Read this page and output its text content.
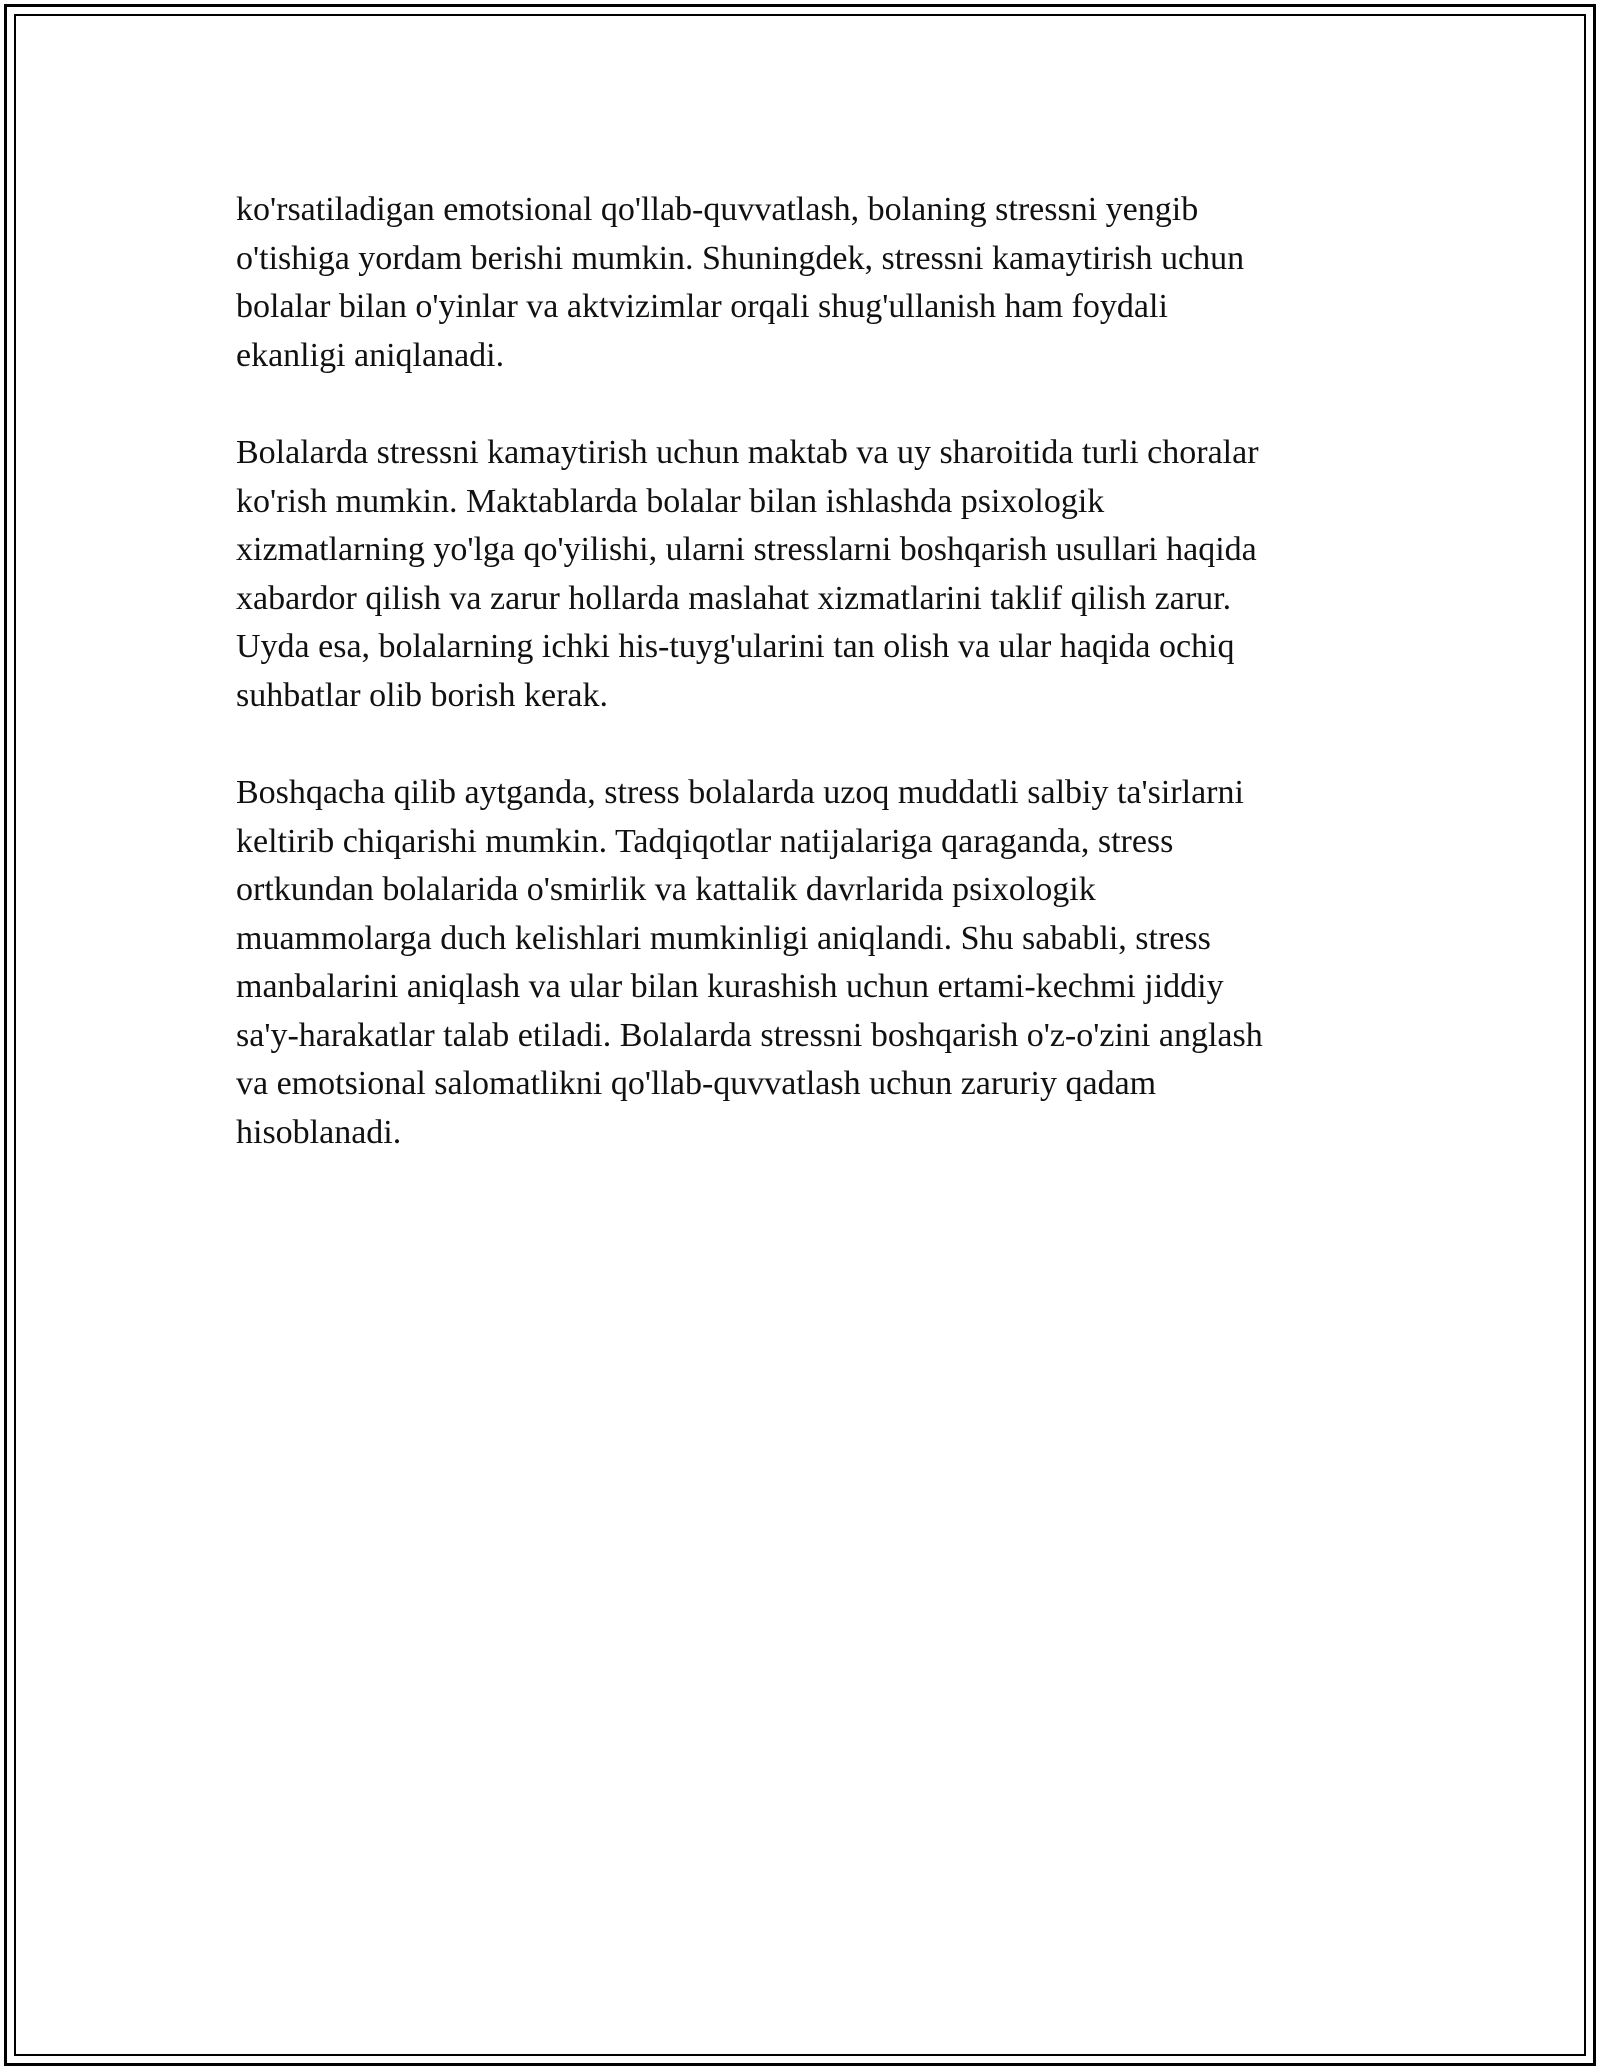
ko'rsatiladigan emotsional qo'llab-quvvatlash, bolaning stressni yengib
o'tishiga yordam berishi mumkin. Shuningdek, stressni kamaytirish uchun
bolalar bilan o'yinlar va aktvizimlar orqali shug'ullanish ham foydali
ekanligi aniqlanadi.

Bolalarda stressni kamaytirish uchun maktab va uy sharoitida turli choralar
ko'rish mumkin. Maktablarda bolalar bilan ishlashda psixologik
xizmatlarning yo'lga qo'yilishi, ularni stresslarni boshqarish usullari haqida
xabardor qilish va zarur hollarda maslahat xizmatlarini taklif qilish zarur.
Uyda esa, bolalarning ichki his-tuyg'ularini tan olish va ular haqida ochiq
suhbatlar olib borish kerak.

Boshqacha qilib aytganda, stress bolalarda uzoq muddatli salbiy ta'sirlarni
keltirib chiqarishi mumkin. Tadqiqotlar natijalariga qaraganda, stress
ortkundan bolalarida o'smirlik va kattalik davrlarida psixologik
muammolarga duch kelishlari mumkinligi aniqlandi. Shu sababli, stress
manbalarini aniqlash va ular bilan kurashish uchun ertami-kechmi jiddiy
sa'y-harakatlar talab etiladi. Bolalarda stressni boshqarish o'z-o'zini anglash
va emotsional salomatlikni qo'llab-quvvatlash uchun zaruriy qadam
hisoblanadi.
